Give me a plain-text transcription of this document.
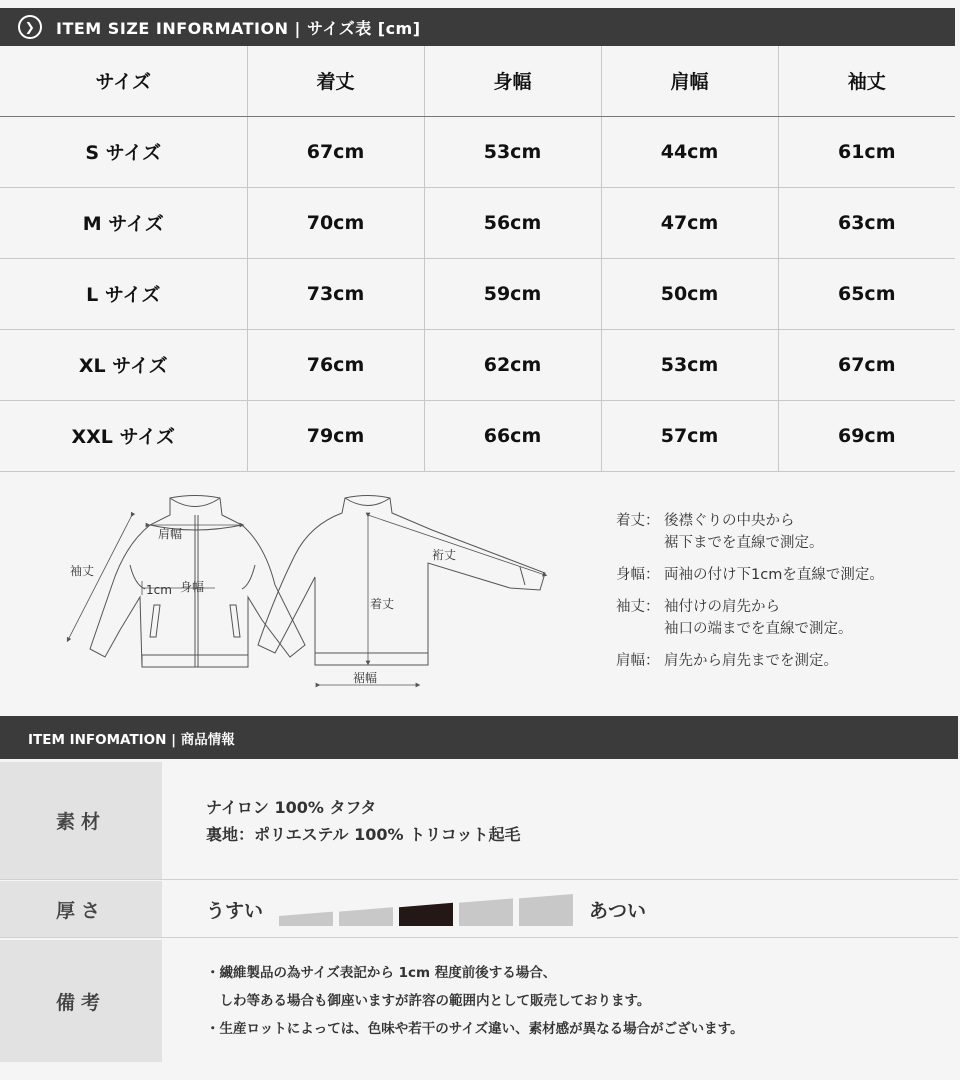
❯	ITEM SIZE INFORMATION | サイズ表 [cm]
サイズ	着丈	身幅	肩幅	袖丈
S サイズ	67cm	53cm	44cm	61cm
M サイズ	70cm	56cm	47cm	63cm
L サイズ	73cm	59cm	50cm	65cm
XL サイズ	76cm	62cm	53cm	67cm
XXL サイズ	79cm	66cm	57cm	69cm
肩幅
袖丈
1cm 身幅
裄丈
着丈
裾幅
着丈： 後襟ぐりの中央から
裾下までを直線で測定。
身幅： 両袖の付け下1cmを直線で測定。
袖丈： 袖付けの肩先から
袖口の端までを直線で測定。
肩幅： 肩先から肩先までを測定。
ITEM INFOMATION | 商品情報
素材
ナイロン 100% タフタ
裏地：ポリエステル 100% トリコット起毛
厚さ	うすい	あつい
備考
・繊維製品の為サイズ表記から 1cm 程度前後する場合、
　しわ等ある場合も御座いますが許容の範囲内として販売しております。
・生産ロットによっては、色味や若干のサイズ違い、素材感が異なる場合がございます。
